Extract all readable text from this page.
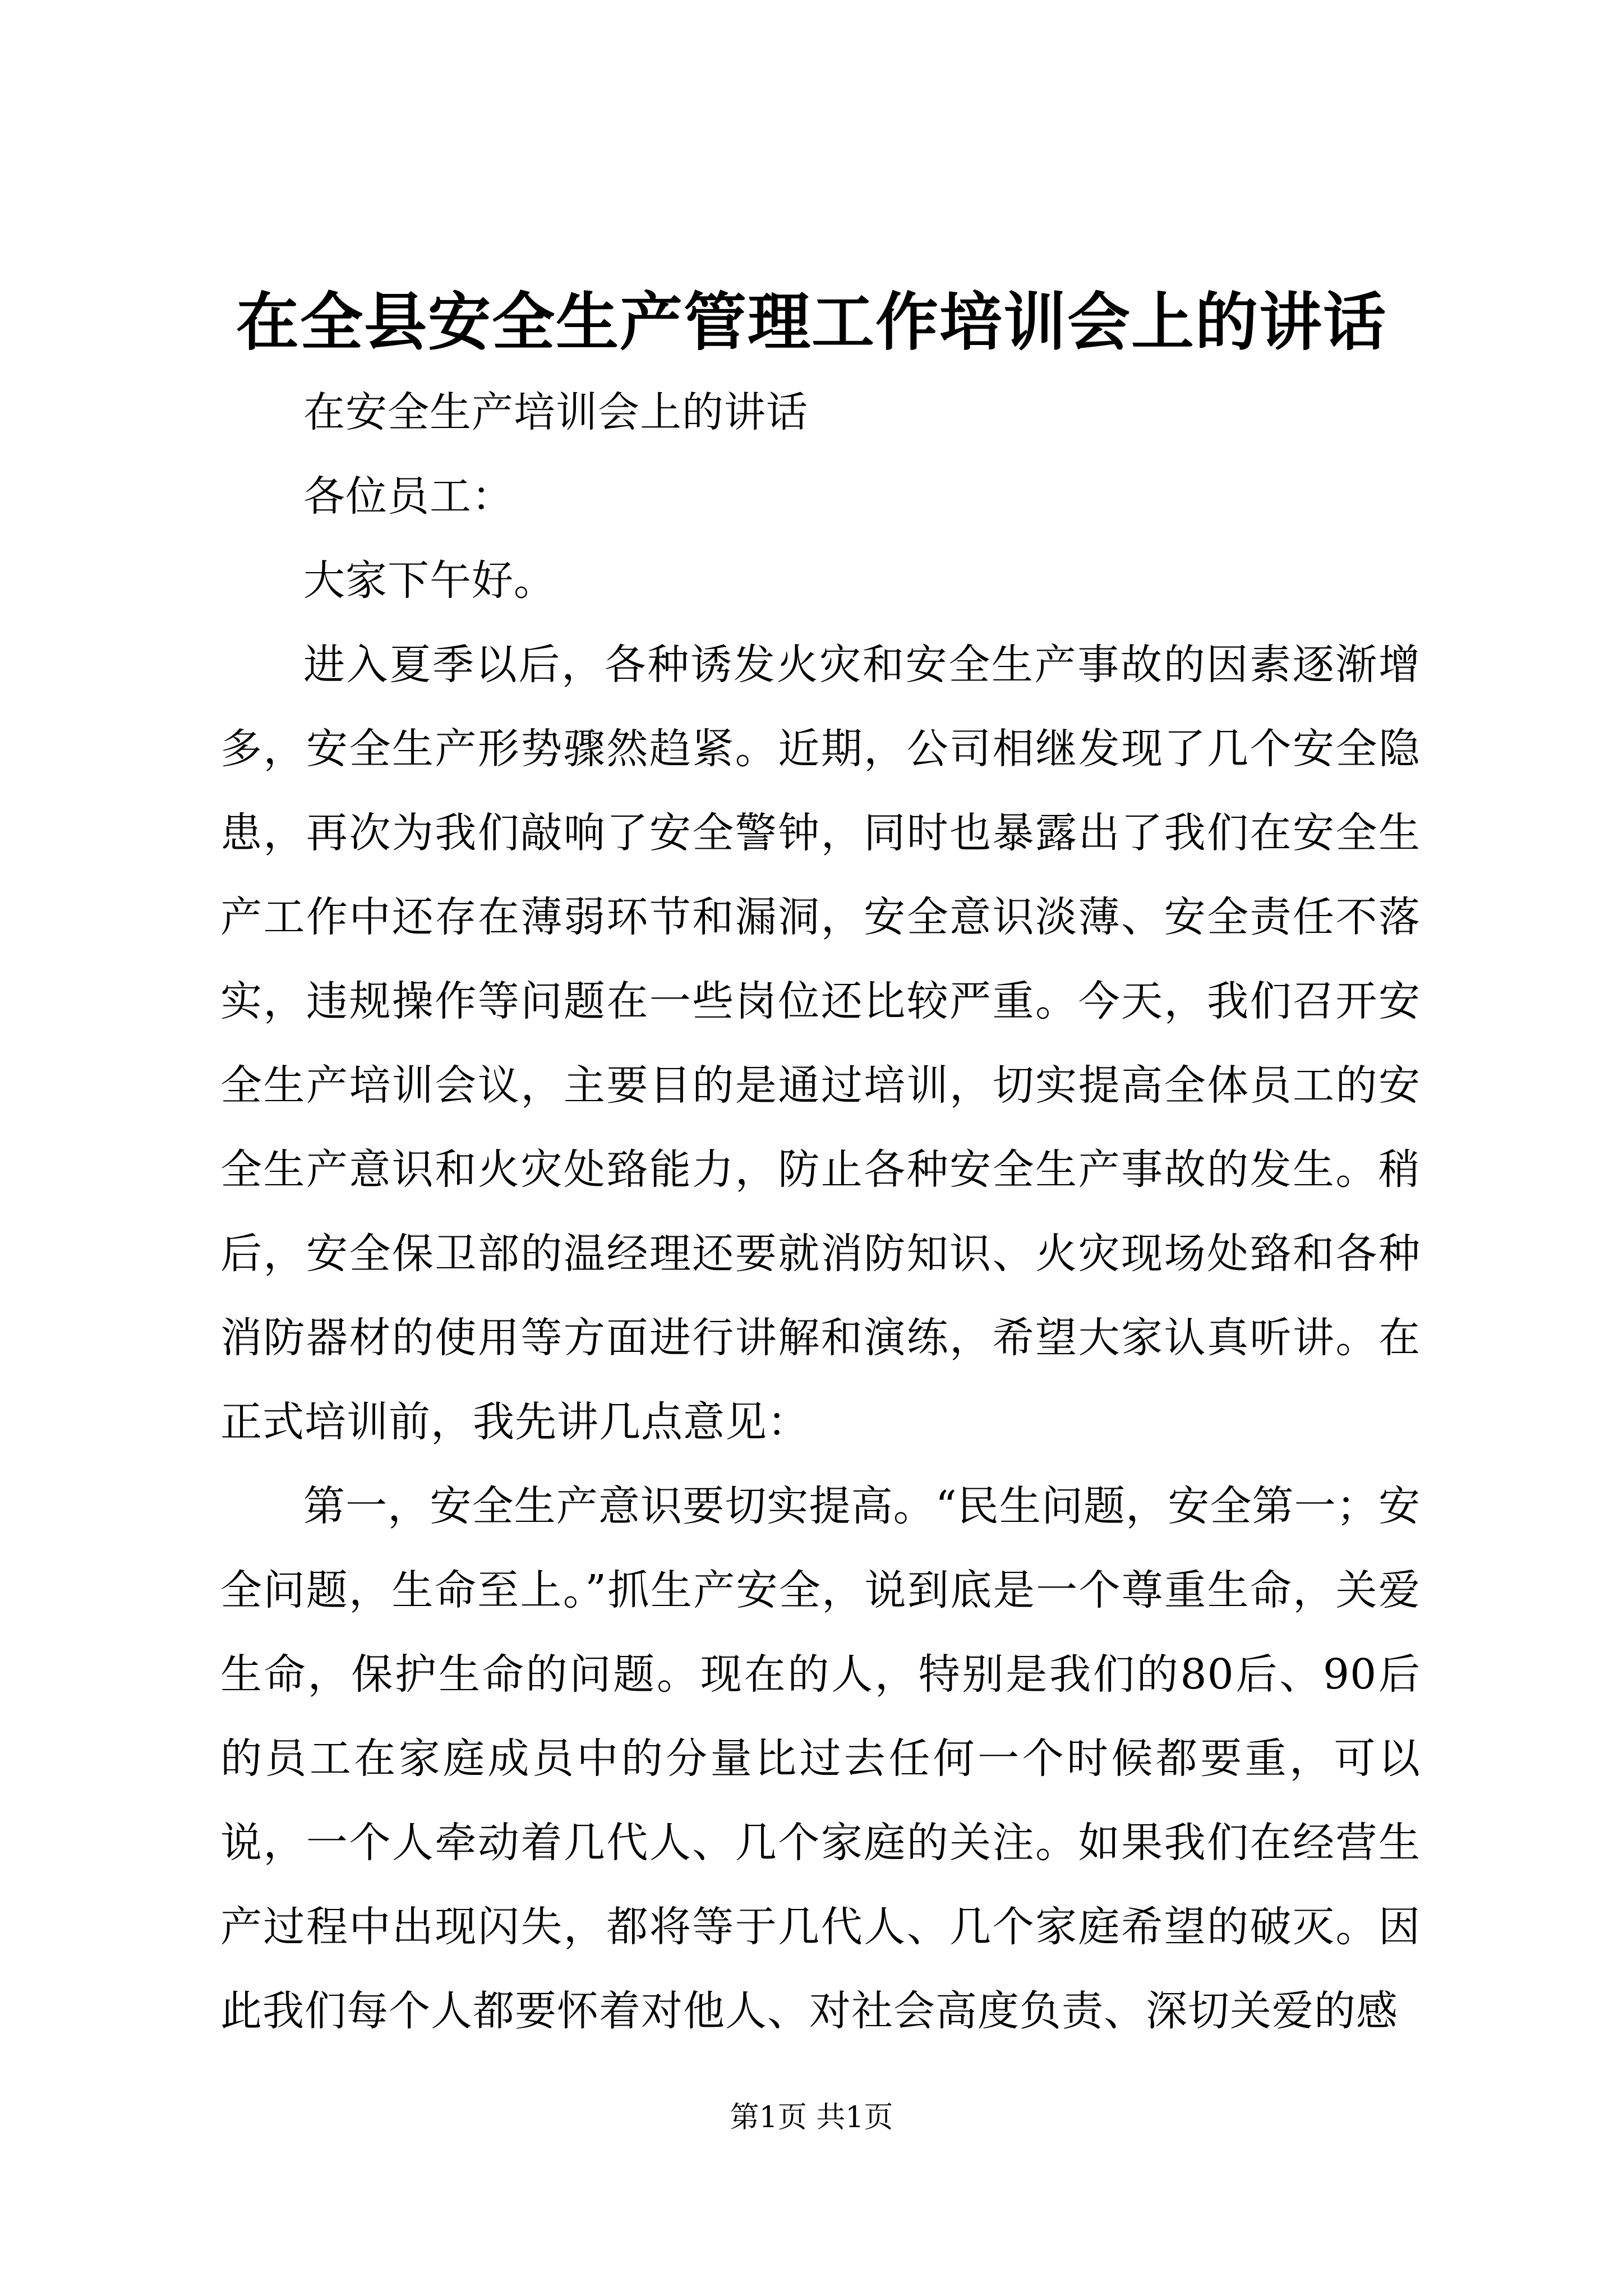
在全县安全生产管理工作培训会上的讲话

在安全生产培训会上的讲话

各位员工：

大家下午好。

进入夏季以后，各种诱发火灾和安全生产事故的因素逐渐增多，安全生产形势骤然趋紧。近期，公司相继发现了几个安全隐患，再次为我们敲响了安全警钟，同时也暴露出了我们在安全生产工作中还存在薄弱环节和漏洞，安全意识淡薄、安全责任不落实，违规操作等问题在一些岗位还比较严重。今天，我们召开安全生产培训会议，主要目的是通过培训，切实提高全体员工的安全生产意识和火灾处臵能力，防止各种安全生产事故的发生。稍后，安全保卫部的温经理还要就消防知识、火灾现场处臵和各种消防器材的使用等方面进行讲解和演练，希望大家认真听讲。在正式培训前，我先讲几点意见：

第一，安全生产意识要切实提高。“民生问题，安全第一；安全问题，生命至上。”抓生产安全，说到底是一个尊重生命，关爱生命，保护生命的问题。现在的人，特别是我们的80后、90后的员工在家庭成员中的分量比过去任何一个时候都要重，可以说，一个人牵动着几代人、几个家庭的关注。如果我们在经营生产过程中出现闪失，都将等于几代人、几个家庭希望的破灭。因此我们每个人都要怀着对他人、对社会高度负责、深切关爱的感

第1页 共1页
